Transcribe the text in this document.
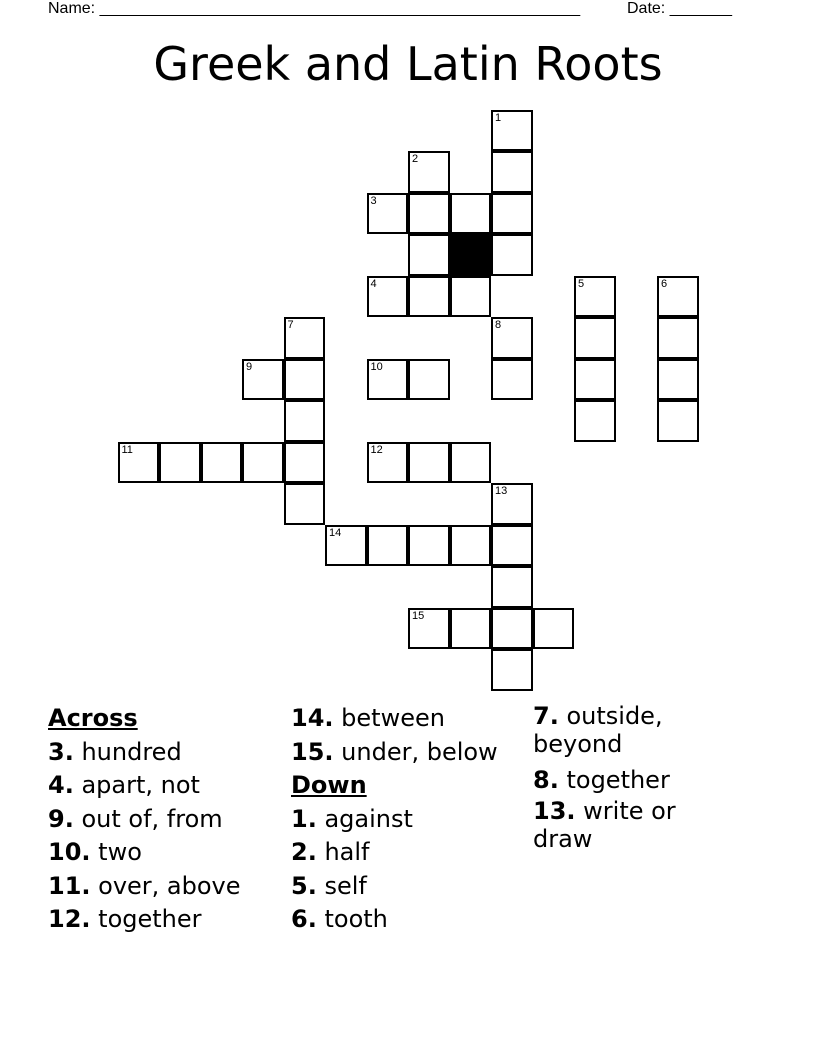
Name: ______________________________________________________	Date: _______
Greek and Latin Roots
1
2
3
4	5	6
7	8
9	10
11	12
13
14
15
Across
3. hundred
4. apart, not
9. out of, from
10. two
11. over, above
12. together
14. between
15. under, below
Down
1. against
2. half
5. self
6. tooth
7. outside, beyond
8. together
13. write or draw
